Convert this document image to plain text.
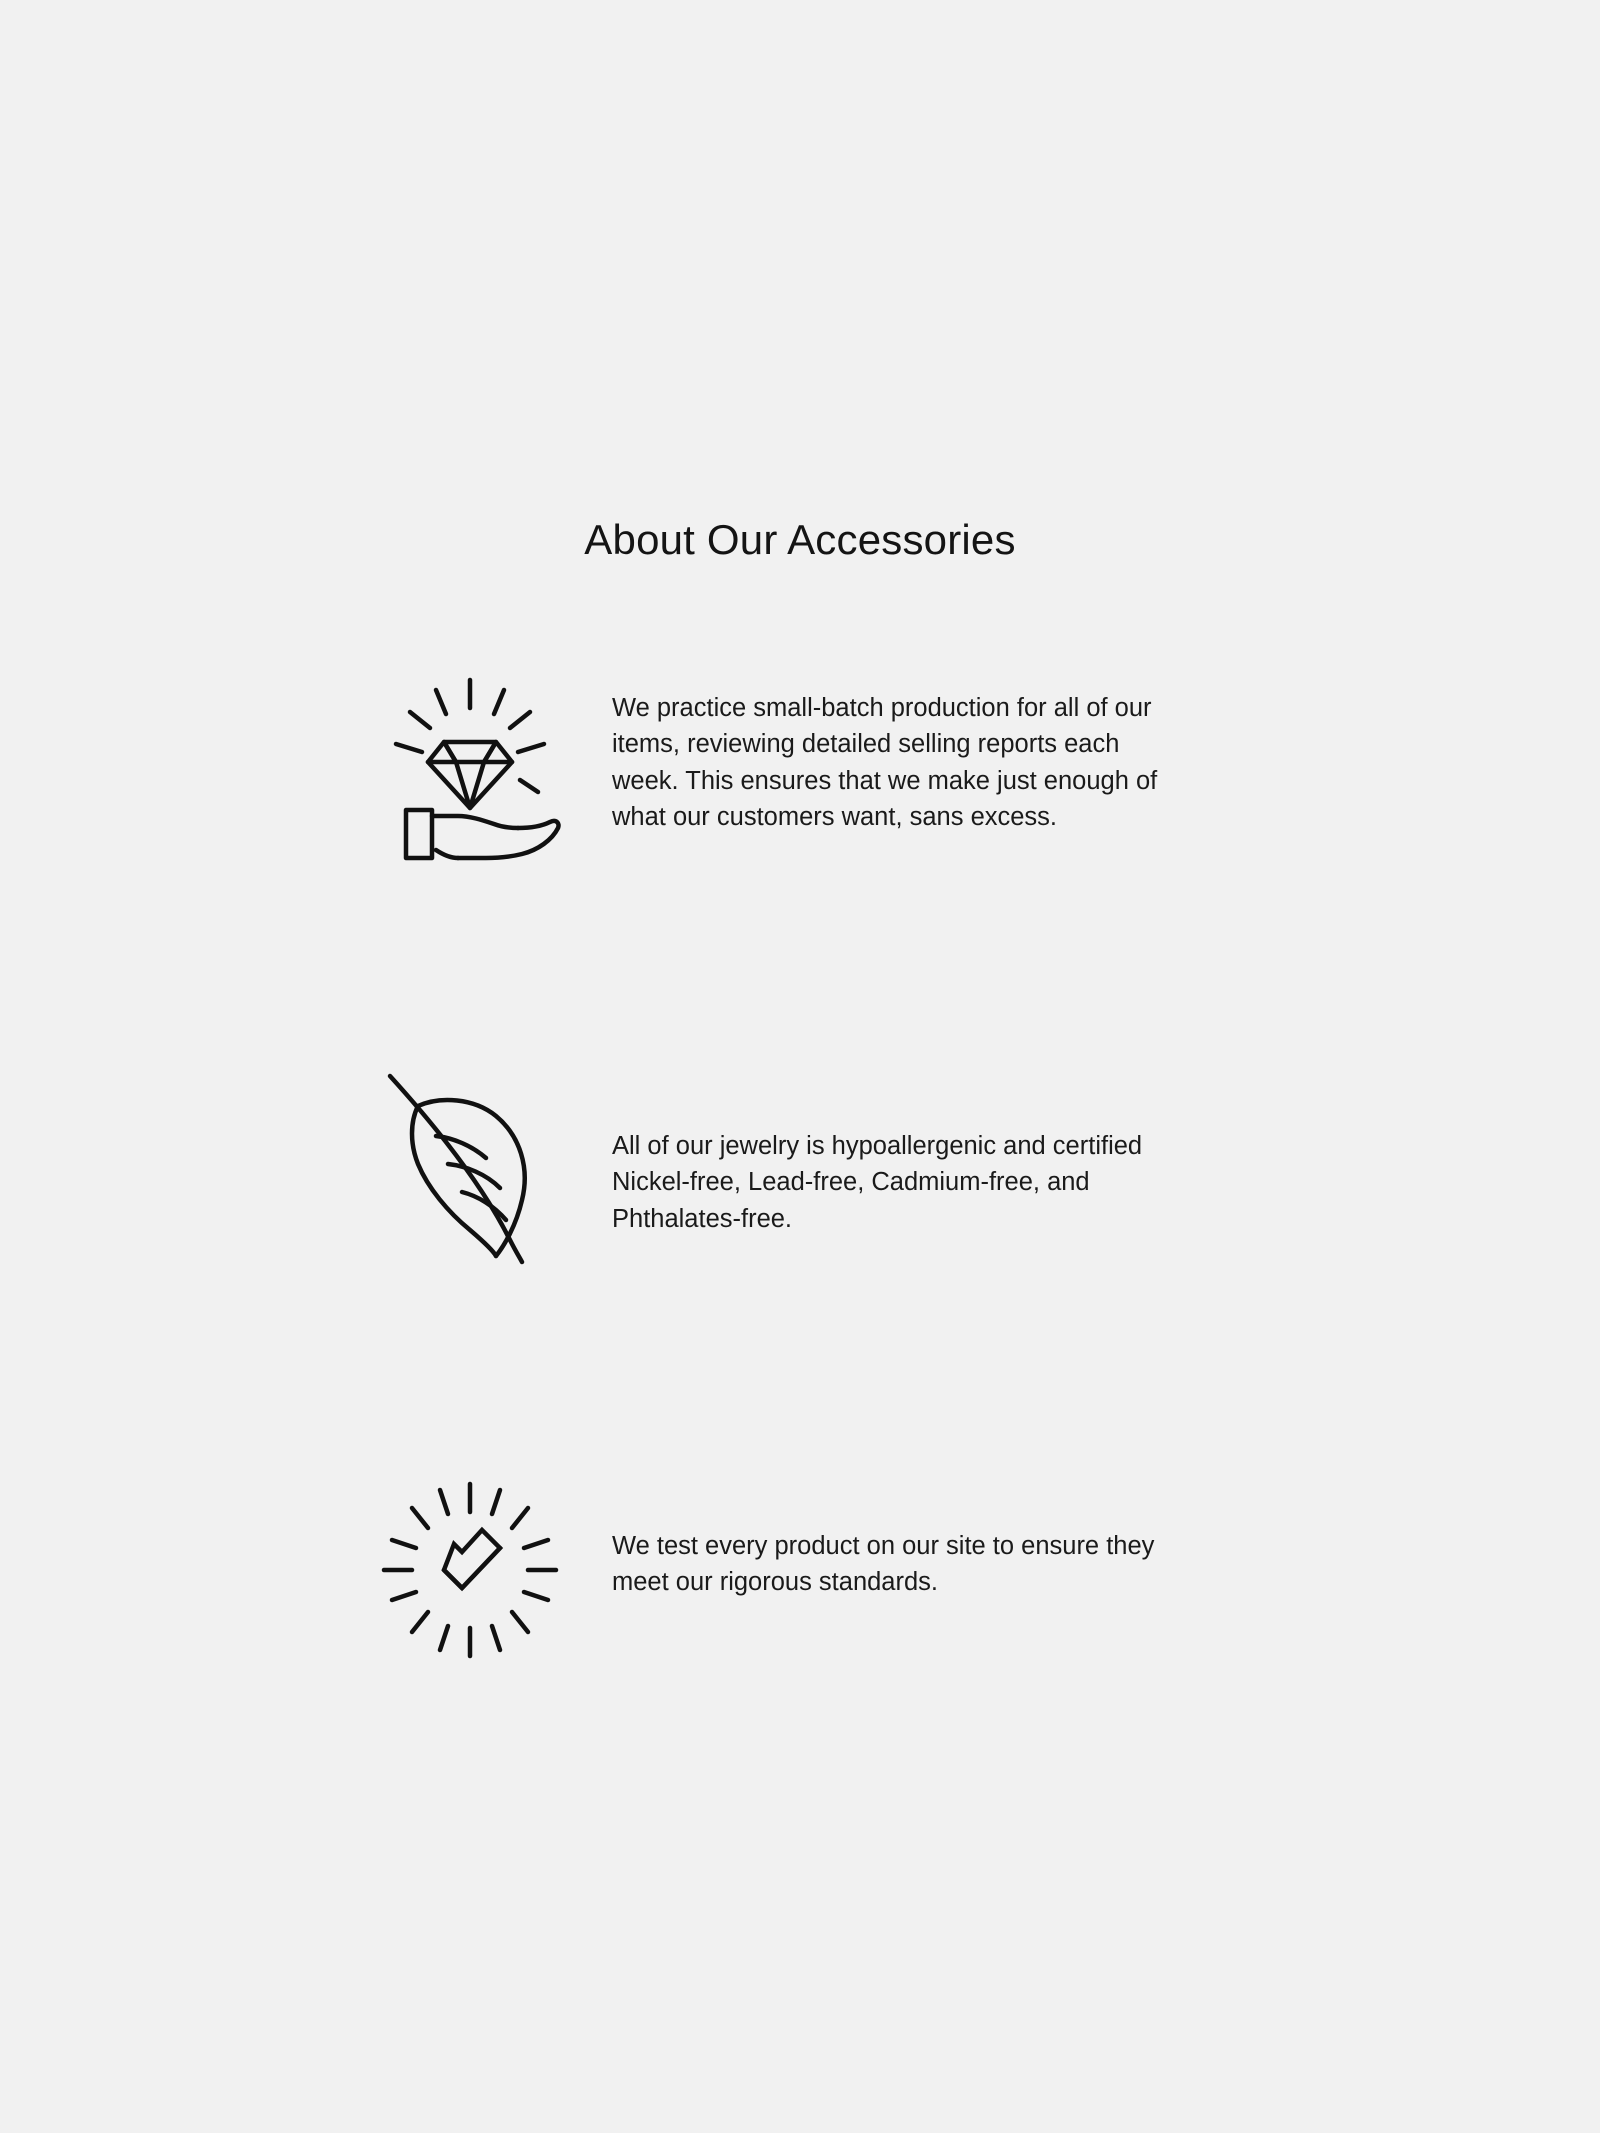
About Our Accessories
We practice small-batch production for all of our items, reviewing detailed selling reports each week. This ensures that we make just enough of what our customers want, sans excess.
All of our jewelry is hypoallergenic and certified Nickel-free, Lead-free, Cadmium-free, and Phthalates-free.
We test every product on our site to ensure they meet our rigorous standards.
